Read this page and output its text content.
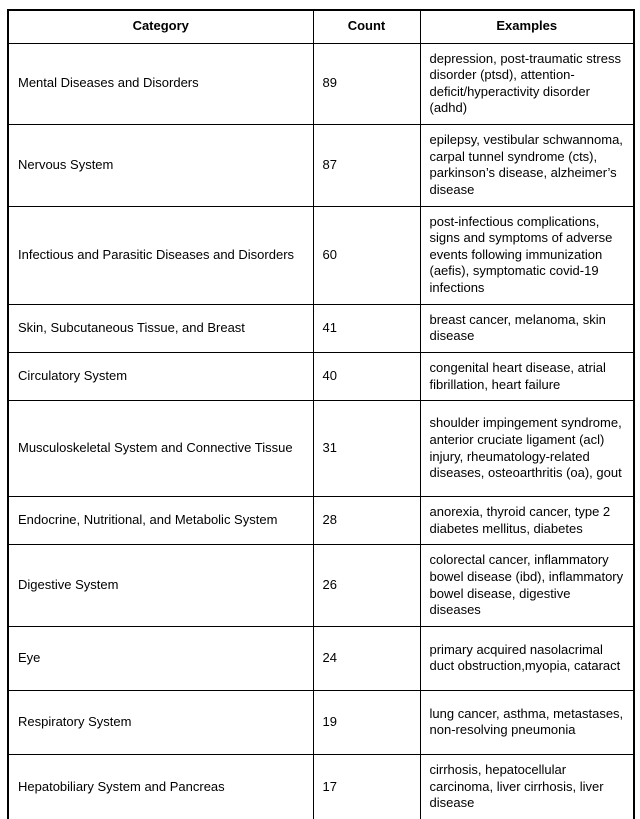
Category	Count	Examples
Mental Diseases and Disorders	89	depression, post-traumatic stress disorder (ptsd), attention-deficit/hyperactivity disorder (adhd)
Nervous System	87	epilepsy, vestibular schwannoma, carpal tunnel syndrome (cts), parkinson’s disease, alzheimer’s disease
Infectious and Parasitic Diseases and Disorders	60	post-infectious complications, signs and symptoms of adverse events following immunization (aefis), symptomatic covid-19 infections
Skin, Subcutaneous Tissue, and Breast	41	breast cancer, melanoma, skin disease
Circulatory System	40	congenital heart disease, atrial fibrillation, heart failure
Musculoskeletal System and Connective Tissue	31	shoulder impingement syndrome, anterior cruciate ligament (acl) injury, rheumatology-related diseases, osteoarthritis (oa), gout
Endocrine, Nutritional, and Metabolic System	28	anorexia, thyroid cancer, type 2 diabetes mellitus, diabetes
Digestive System	26	colorectal cancer, inflammatory bowel disease (ibd), inflammatory bowel disease, digestive diseases
Eye	24	primary acquired nasolacrimal duct obstruction,myopia, cataract
Respiratory System	19	lung cancer, asthma, metastases, non-resolving pneumonia
Hepatobiliary System and Pancreas	17	cirrhosis, hepatocellular carcinoma, liver cirrhosis, liver disease
